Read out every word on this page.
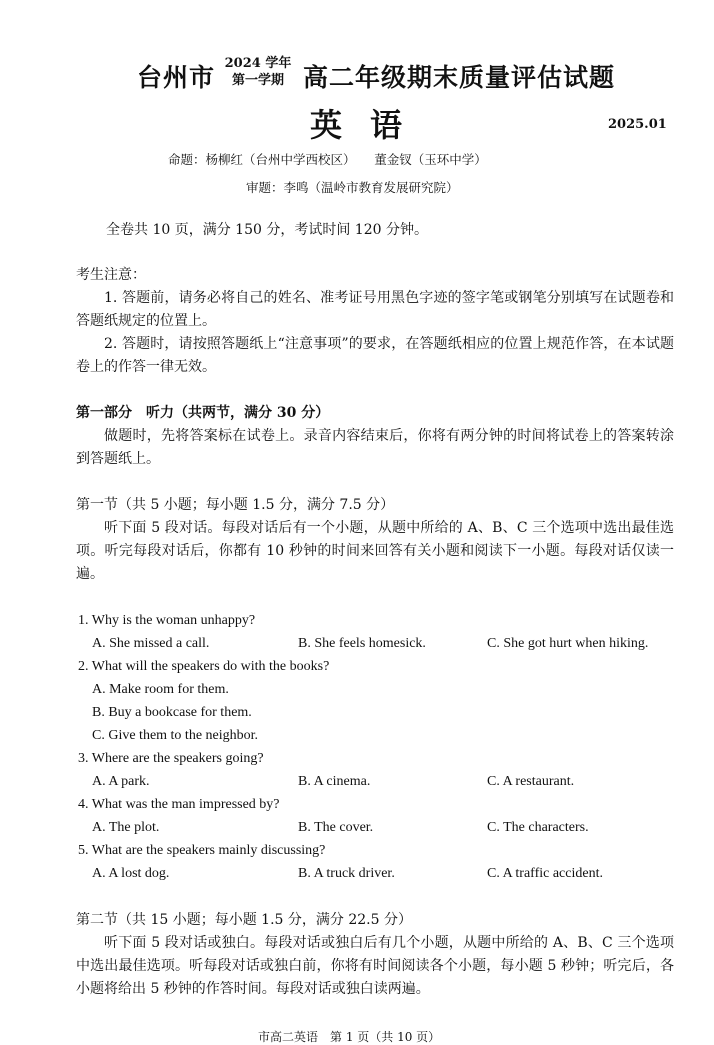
台州市 2024 学年
第一学期 高二年级期末质量评估试题
英语	2025.01
命题：杨柳红（台州中学西校区）　　董金钗（玉环中学）
审题：李鸣（温岭市教育发展研究院）
全卷共 10 页，满分 150 分，考试时间 120 分钟。
考生注意：
1. 答题前，请务必将自己的姓名、准考证号用黑色字迹的签字笔或钢笔分别填写在试题卷和答题纸规定的位置上。
2. 答题时，请按照答题纸上“注意事项”的要求，在答题纸相应的位置上规范作答，在本试题卷上的作答一律无效。
第一部分　听力（共两节，满分 30 分）
做题时，先将答案标在试卷上。录音内容结束后，你将有两分钟的时间将试卷上的答案转涂到答题纸上。
第一节（共 5 小题；每小题 1.5 分，满分 7.5 分）
听下面 5 段对话。每段对话后有一个小题，从题中所给的 A、B、C 三个选项中选出最佳选项。听完每段对话后，你都有 10 秒钟的时间来回答有关小题和阅读下一小题。每段对话仅读一遍。
1. Why is the woman unhappy?
A. She missed a call.	B. She feels homesick.	C. She got hurt when hiking.
2. What will the speakers do with the books?
A. Make room for them.
B. Buy a bookcase for them.
C. Give them to the neighbor.
3. Where are the speakers going?
A. A park.	B. A cinema.	C. A restaurant.
4. What was the man impressed by?
A. The plot.	B. The cover.	C. The characters.
5. What are the speakers mainly discussing?
A. A lost dog.	B. A truck driver.	C. A traffic accident.
第二节（共 15 小题；每小题 1.5 分，满分 22.5 分）
听下面 5 段对话或独白。每段对话或独白后有几个小题，从题中所给的 A、B、C 三个选项中选出最佳选项。听每段对话或独白前，你将有时间阅读各个小题，每小题 5 秒钟；听完后，各小题将给出 5 秒钟的作答时间。每段对话或独白读两遍。
市高二英语　第 1 页（共 10 页）
